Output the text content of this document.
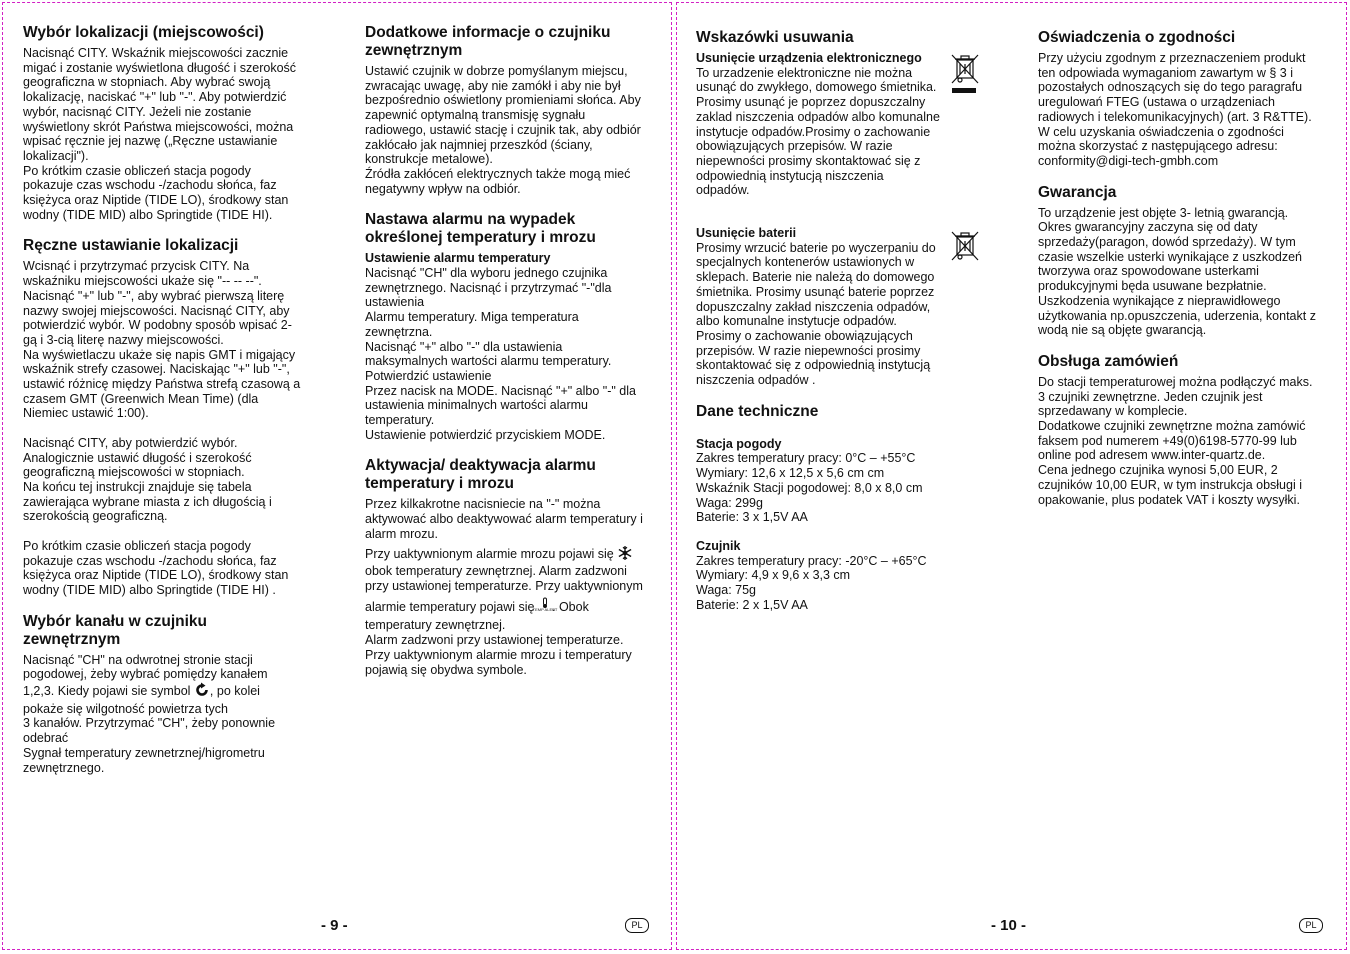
Wybór lokalizacji (miejscowości)

Nacisnąć CITY. Wskaźnik miejscowości zacznie
migać i zostanie wyświetlona długość i szerokość
geograficzna w stopniach. Aby wybrać swoją
lokalizację, naciskać "+" lub "-". Aby potwierdzić
wybór, nacisnąć CITY. Jeżeli nie zostanie
wyświetlony skrót Państwa miejscowości, można
wpisać ręcznie jej nazwę („Ręczne ustawianie
lokalizacji").
Po krótkim czasie obliczeń stacja pogody
pokazuje czas wschodu -/zachodu słońca, faz
księżyca oraz Niptide (TIDE LO), środkowy stan
wodny (TIDE MID) albo Springtide (TIDE HI).

Ręczne ustawianie lokalizacji

Wcisnąć i przytrzymać przycisk CITY. Na
wskaźniku miejscowości ukaże się "-- -- --".
Nacisnąć "+" lub "-", aby wybrać pierwszą literę
nazwy swojej miejscowości. Nacisnąć CITY, aby
potwierdzić wybór. W podobny sposób wpisać 2-
gą i 3-cią literę nazwy miejscowości.
Na wyświetlaczu ukaże się napis GMT i migający
wskaźnik strefy czasowej. Naciskając "+" lub "-",
ustawić różnicę między Państwa strefą czasową a
czasem GMT (Greenwich Mean Time) (dla
Niemiec ustawić 1:00).

Nacisnąć CITY, aby potwierdzić wybór.
Analogicznie ustawić długość i szerokość
geograficzną miejscowości w stopniach.
Na końcu tej instrukcji znajduje się tabela
zawierająca wybrane miasta z ich długością i
szerokością geograficzną.

Po krótkim czasie obliczeń stacja pogody
pokazuje czas wschodu -/zachodu słońca, faz
księżyca oraz Niptide (TIDE LO), środkowy stan
wodny (TIDE MID) albo Springtide (TIDE HI) .

Wybór kanału w czujniku
zewnętrznym

Nacisnąć "CH" na odwrotnej stronie stacji
pogodowej, żeby wybrać pomiędzy kanałem
1,2,3. Kiedy pojawi sie symbol , po kolei
pokaże się wilgotność powietrza tych
3 kanałów. Przytrzymać "CH", żeby ponownie
odebrać
Sygnał temperatury zewnetrznej/higrometru
zewnętrznego.

Dodatkowe informacje o czujniku
zewnętrznym

Ustawić czujnik w dobrze pomyślanym miejscu,
zwracając uwagę, aby nie zamókł i aby nie był
bezpośrednio oświetlony promieniami słońca. Aby
zapewnić optymalną transmisję sygnału
radiowego, ustawić stację i czujnik tak, aby odbiór
zakłócało jak najmniej przeszkód (ściany,
konstrukcje metalowe).
Źródła zakłóceń elektrycznych także mogą mieć
negatywny wpływ na odbiór.

Nastawa alarmu na wypadek
określonej temperatury i mrozu
Ustawienie alarmu temperatury

Nacisnąć "CH" dla wyboru jednego czujnika
zewnętrznego. Nacisnąć i przytrzymać "-"dla
ustawienia
Alarmu temperatury. Miga temperatura
zewnętrzna.
Nacisnąć "+" albo "-" dla ustawienia
maksymalnych wartości alarmu temperatury.
Potwierdzić ustawienie
Przez nacisk na MODE. Nacisnąć "+" albo "-" dla
ustawienia minimalnych wartości alarmu
temperatury.
Ustawienie potwierdzić przyciskiem MODE.

Aktywacja/ deaktywacja alarmu
temperatury i mrozu

Przez kilkakrotne nacisniecie na "-" można
aktywować albo deaktywować alarm temperatury i
alarm mrozu.

Przy uaktywnionym alarmie mrozu pojawi się
obok temperatury zewnętrznej. Alarm zadzwoni
przy ustawionej temperaturze. Przy uaktywnionym

alarmie temperatury pojawi się
TEMP ALERT
. Obok
temperatury zewnętrznej.
Alarm zadzwoni przy ustawionej temperaturze.
Przy uaktywnionym alarmie mrozu i temperatury
pojawią się obydwa symbole.

- 9 -	PL
Wskazówki usuwania
Usunięcie urządzenia elektronicznego

To urzadzenie elektroniczne nie można
usunąć do zwykłego, domowego śmietnika.
Prosimy usunąć je poprzez dopuszczalny
zaklad niszczenia odpadów albo komunalne
instytucje odpadów.Prosimy o zachowanie
obowiązujących przepisów. W razie
niepewności prosimy skontaktować się z
odpowiednią instytucją niszczenia
odpadów.

Usunięcie baterii

Prosimy wrzucić baterie po wyczerpaniu do
specjalnych kontenerów ustawionych w
sklepach. Baterie nie należą do domowego
śmietnika. Prosimy usunąć baterie poprzez
dopuszczalny zakład niszczenia odpadów,
albo komunalne instytucje odpadów.
Prosimy o zachowanie obowiązujących
przepisów. W razie niepewności prosimy
skontaktować się z odpowiednią instytucją
niszczenia odpadów .

Dane techniczne
Stacja pogody

Zakres temperatury pracy: 0°C – +55°C
Wymiary: 12,6 x 12,5 x 5,6 cm cm
Wskaźnik Stacji pogodowej: 8,0 x 8,0 cm
Waga: 299g
Baterie: 3 x 1,5V AA

Czujnik

Zakres temperatury pracy: -20°C – +65°C
Wymiary: 4,9 x 9,6 x 3,3 cm
Waga: 75g
Baterie: 2 x 1,5V AA

Oświadczenia o zgodności

Przy użyciu zgodnym z przeznaczeniem produkt
ten odpowiada wymaganiom zawartym w § 3 i
pozostałych odnoszących się do tego paragrafu
uregulowań FTEG (ustawa o urządzeniach
radiowych i telekomunikacyjnych) (art. 3 R&TTE).
W celu uzyskania oświadczenia o zgodności
można skorzystać z następującego adresu:
conformity@digi-tech-gmbh.com

Gwarancja

To urządzenie jest objęte 3- letnią gwarancją.
Okres gwarancyjny zaczyna się od daty
sprzedaży(paragon, dowód sprzedaży). W tym
czasie wszelkie usterki wynikające z uszkodzeń
tworzywa oraz spowodowane usterkami
produkcyjnymi będa usuwane bezpłatnie.
Uszkodzenia wynikające z nieprawidłowego
użytkowania np.opuszczenia, uderzenia, kontakt z
wodą nie są objęte gwarancją.

Obsługa zamówień

Do stacji temperaturowej można podłączyć maks.
3 czujniki zewnętrzne. Jeden czujnik jest
sprzedawany w komplecie.
Dodatkowe czujniki zewnętrzne można zamówić
faksem pod numerem +49(0)6198-5770-99 lub
online pod adresem www.inter-quartz.de.
Cena jednego czujnika wynosi 5,00 EUR, 2
czujników 10,00 EUR, w tym instrukcja obsługi i
opakowanie, plus podatek VAT i koszty wysyłki.

- 10 -	PL
